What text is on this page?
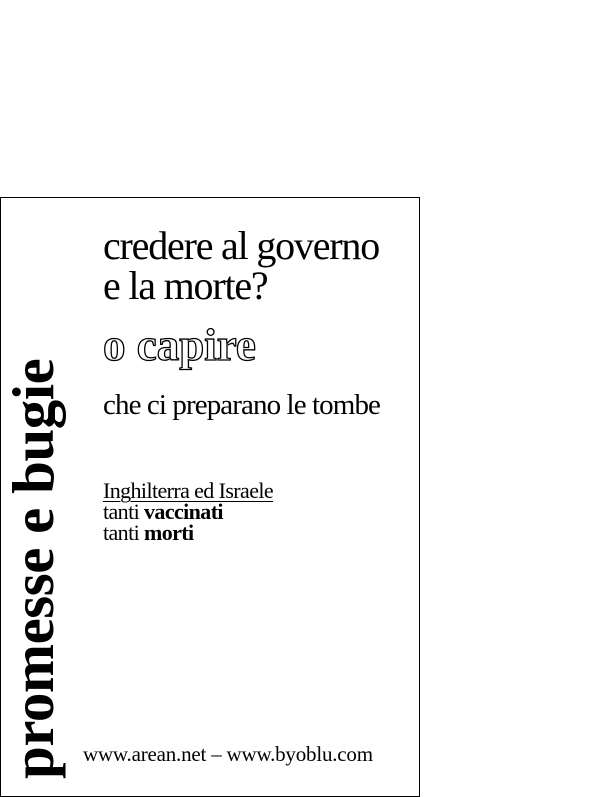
promesse e bugie
credere al governo
e la morte?
o capire
che ci preparano le tombe
Inghilterra ed Israele
tanti vaccinati
tanti morti
www.arean.net – www.byoblu.com
